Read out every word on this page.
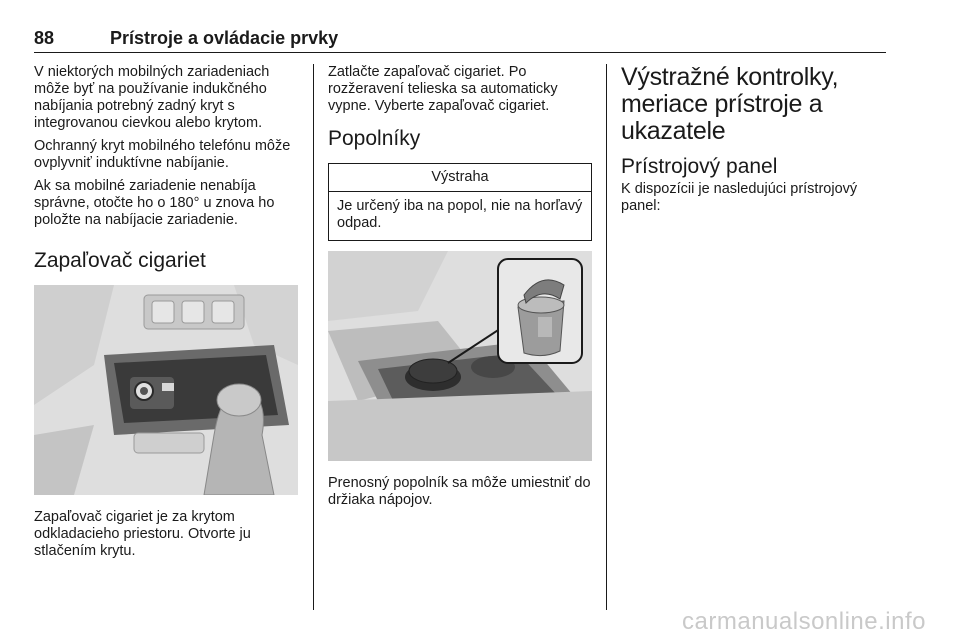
88	Prístroje a ovládacie prvky

V niektorých mobilných zariadeniach môže byť na používanie indukčného nabíjania potrebný zadný kryt s integrovanou cievkou alebo krytom.

Ochranný kryt mobilného telefónu môže ovplyvniť induktívne nabíjanie.

Ak sa mobilné zariadenie nenabíja správne, otočte ho o 180° u znova ho položte na nabíjacie zariadenie.

Zapaľovač cigariet

Zapaľovač cigariet je za krytom odkladacieho priestoru. Otvorte ju stlačením krytu.

Zatlačte zapaľovač cigariet. Po rozžeravení telieska sa automaticky vypne. Vyberte zapaľovač cigariet.

Popolníky
Výstraha
Je určený iba na popol, nie na horľavý odpad.

Prenosný popolník sa môže umiestniť do držiaka nápojov.

Výstražné kontrolky, meriace prístroje a ukazatele
Prístrojový panel

K dispozícii je nasledujúci prístrojový panel:

carmanualsonline.info
